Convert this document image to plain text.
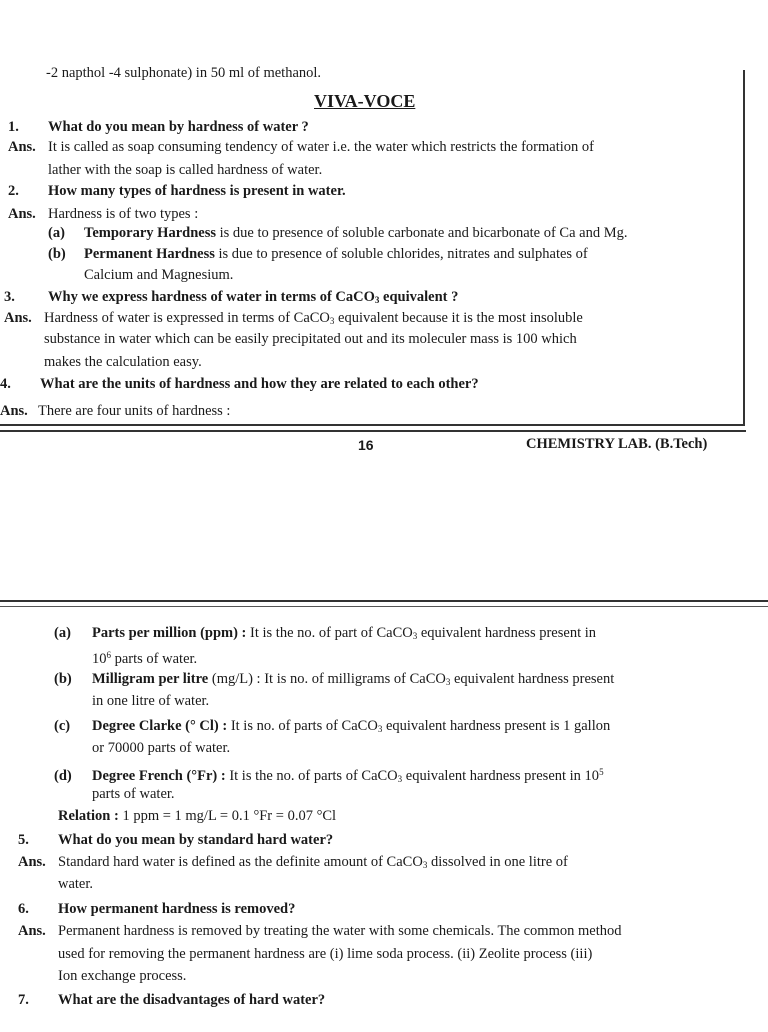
-2 napthol -4 sulphonate) in 50 ml of methanol.
VIVA-VOCE
1. What do you mean by hardness of water ?
Ans. It is called as soap consuming tendency of water i.e. the water which restricts the formation of
lather with the soap is called hardness of water.
2. How many types of hardness is present in water.
Ans. Hardness is of two types :
(a) Temporary Hardness is due to presence of soluble carbonate and bicarbonate of Ca and Mg.
(b) Permanent Hardness is due to presence of soluble chlorides, nitrates and sulphates of
Calcium and Magnesium.
3. Why we express hardness of water in terms of CaCO$_3$ equivalent ?
Ans. Hardness of water is expressed in terms of CaCO$_3$ equivalent because it is the most insoluble
substance in water which can be easily precipitated out and its moleculer mass is 100 which
makes the calculation easy.
4. What are the units of hardness and how they are related to each other?
Ans. There are four units of hardness :
16	CHEMISTRY LAB. (B.Tech)
(a) Parts per million (ppm) : It is the no. of part of CaCO$_3$ equivalent hardness present in
$10^6$ parts of water.
(b) Milligram per litre (mg/L) : It is no. of milligrams of CaCO$_3$ equivalent hardness present
in one litre of water.
(c) Degree Clarke (° Cl) : It is no. of parts of CaCO$_3$ equivalent hardness present is 1 gallon
or 70000 parts of water.
(d) Degree French (°Fr) : It is the no. of parts of CaCO$_3$ equivalent hardness present in $10^5$
parts of water.
Relation : 1 ppm = 1 mg/L = 0.1 °Fr = 0.07 °Cl
5. What do you mean by standard hard water?
Ans. Standard hard water is defined as the definite amount of CaCO$_3$ dissolved in one litre of
water.
6. How permanent hardness is removed?
Ans. Permanent hardness is removed by treating the water with some chemicals. The common method
used for removing the permanent hardness are (i) lime soda process. (ii) Zeolite process (iii)
Ion exchange process.
7. What are the disadvantages of hard water?
